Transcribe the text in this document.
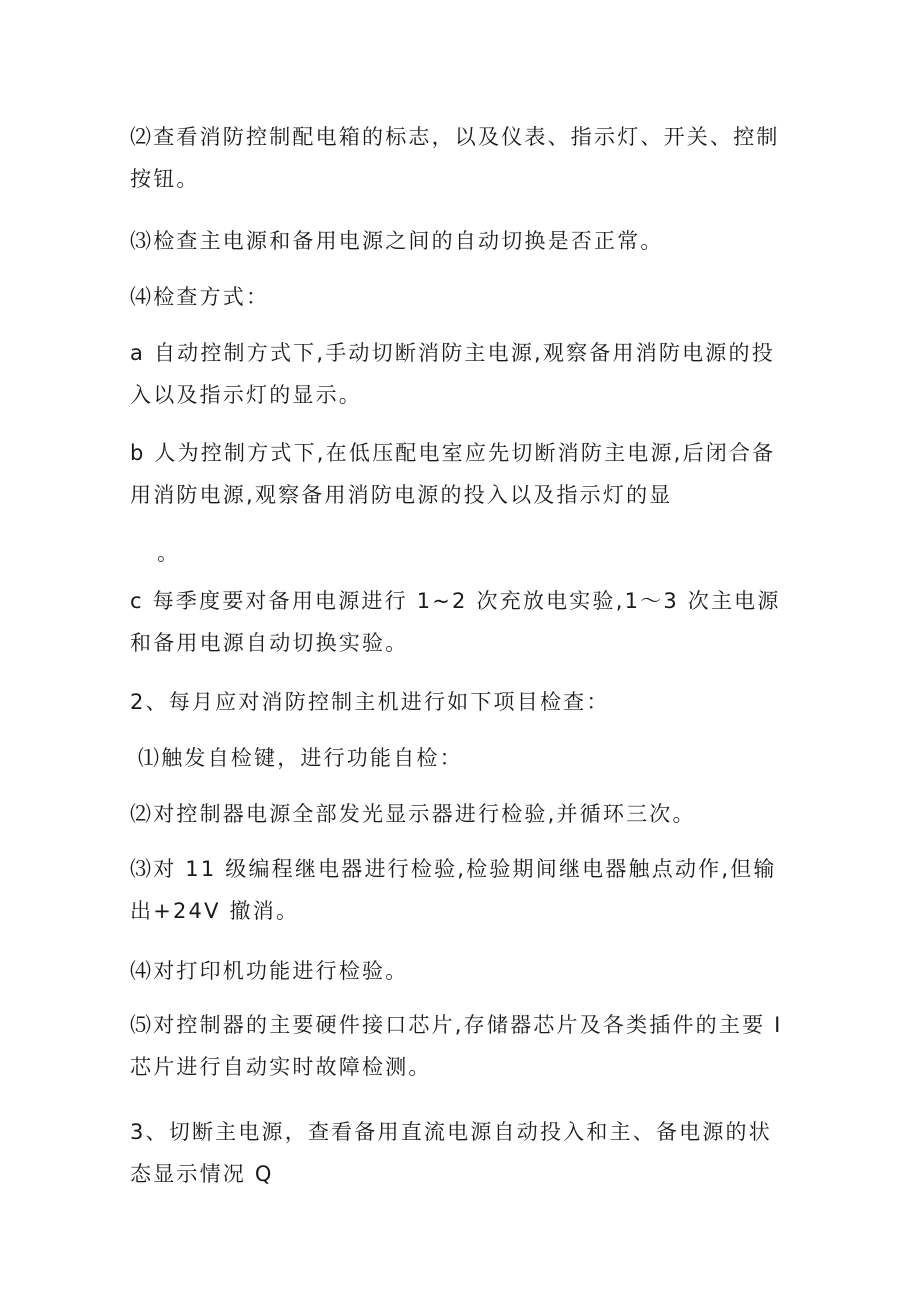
⑵查看消防控制配电箱的标志，以及仪表、指示灯、开关、控制按钮。

⑶检查主电源和备用电源之间的自动切换是否正常。

⑷检查方式：

a 自动控制方式下,手动切断消防主电源,观察备用消防电源的投入以及指示灯的显示。

b 人为控制方式下,在低压配电室应先切断消防主电源,后闭合备用消防电源,观察备用消防电源的投入以及指示灯的显

。

c 每季度要对备用电源进行 1~2 次充放电实验,1〜3 次主电源和备用电源自动切换实验。

2、每月应对消防控制主机进行如下项目检查：

⑴触发自检键，进行功能自检：

⑵对控制器电源全部发光显示器进行检验,并循环三次。

⑶对 11 级编程继电器进行检验,检验期间继电器触点动作,但输出+24V 撤消。

⑷对打印机功能进行检验。

⑸对控制器的主要硬件接口芯片,存储器芯片及各类插件的主要 I 芯片进行自动实时故障检测。

3、切断主电源，查看备用直流电源自动投入和主、备电源的状态显示情况 Q
